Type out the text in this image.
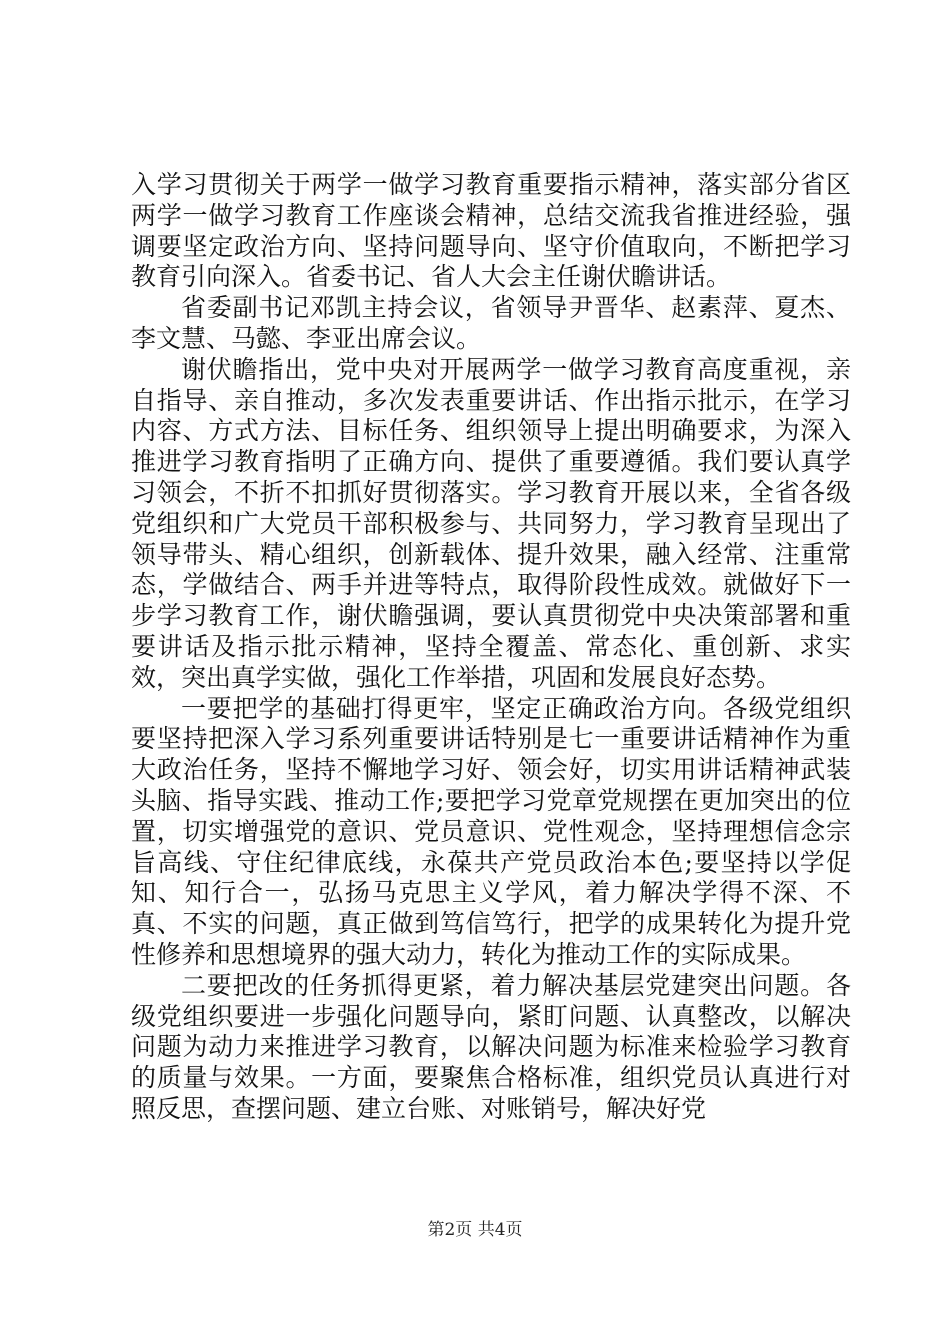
入学习贯彻关于两学一做学习教育重要指示精神，落实部分省区两学一做学习教育工作座谈会精神，总结交流我省推进经验，强调要坚定政治方向、坚持问题导向、坚守价值取向，不断把学习教育引向深入。省委书记、省人大会主任谢伏瞻讲话。

省委副书记邓凯主持会议，省领导尹晋华、赵素萍、夏杰、李文慧、马懿、李亚出席会议。

谢伏瞻指出，党中央对开展两学一做学习教育高度重视，亲自指导、亲自推动，多次发表重要讲话、作出指示批示，在学习内容、方式方法、目标任务、组织领导上提出明确要求，为深入推进学习教育指明了正确方向、提供了重要遵循。我们要认真学习领会，不折不扣抓好贯彻落实。学习教育开展以来，全省各级党组织和广大党员干部积极参与、共同努力，学习教育呈现出了领导带头、精心组织，创新载体、提升效果，融入经常、注重常态，学做结合、两手并进等特点，取得阶段性成效。就做好下一步学习教育工作，谢伏瞻强调，要认真贯彻党中央决策部署和重要讲话及指示批示精神，坚持全覆盖、常态化、重创新、求实效，突出真学实做，强化工作举措，巩固和发展良好态势。

一要把学的基础打得更牢，坚定正确政治方向。各级党组织要坚持把深入学习系列重要讲话特别是七一重要讲话精神作为重大政治任务，坚持不懈地学习好、领会好，切实用讲话精神武装头脑、指导实践、推动工作;要把学习党章党规摆在更加突出的位置，切实增强党的意识、党员意识、党性观念，坚持理想信念宗旨高线、守住纪律底线，永葆共产党员政治本色;要坚持以学促知、知行合一，弘扬马克思主义学风，着力解决学得不深、不真、不实的问题，真正做到笃信笃行，把学的成果转化为提升党性修养和思想境界的强大动力，转化为推动工作的实际成果。

二要把改的任务抓得更紧，着力解决基层党建突出问题。各级党组织要进一步强化问题导向，紧盯问题、认真整改，以解决问题为动力来推进学习教育，以解决问题为标准来检验学习教育的质量与效果。一方面，要聚焦合格标准，组织党员认真进行对照反思，查摆问题、建立台账、对账销号，解决好党

第2页 共4页
